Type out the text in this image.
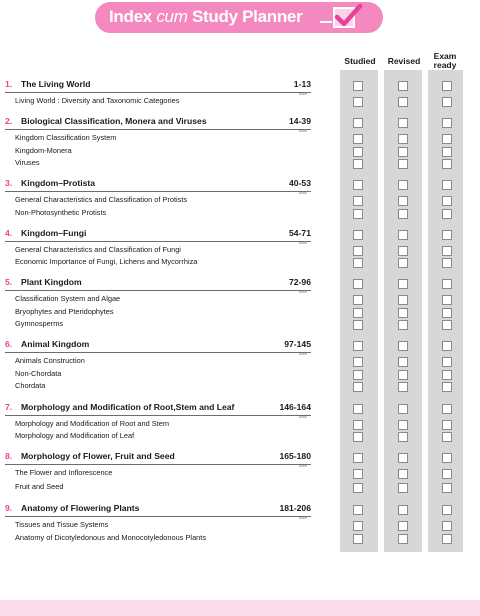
Index cum Study Planner
Studied	Revised	Exam ready
1. The Living World	1-13
Living World : Diversity and Taxonomic Categories
2. Biological Classification, Monera and Viruses	14-39
Kingdom Classification System
Kingdom-Monera
Viruses
3. Kingdom–Protista	40-53
General Characteristics and Classification of Protists
Non-Photosynthetic Protists
4. Kingdom–Fungi	54-71
General Characteristics and Classification of Fungi
Economic Importance of Fungi, Lichens and Mycorrhiza
5. Plant Kingdom	72-96
Classification System and Algae
Bryophytes and Pteridophytes
Gymnosperms
6. Animal Kingdom	97-145
Animals Construction
Non-Chordata
Chordata
7. Morphology and Modification of Root,Stem and Leaf	146-164
Morphology and Modification of Root and Stem
Morphology and Modification of Leaf
8. Morphology of Flower, Fruit and Seed	165-180
The Flower and Inflorescence
Fruit and Seed
9. Anatomy of Flowering Plants	181-206
Tissues and Tissue Systems
Anatomy of Dicotyledonous and Monocotyledonous Plants
